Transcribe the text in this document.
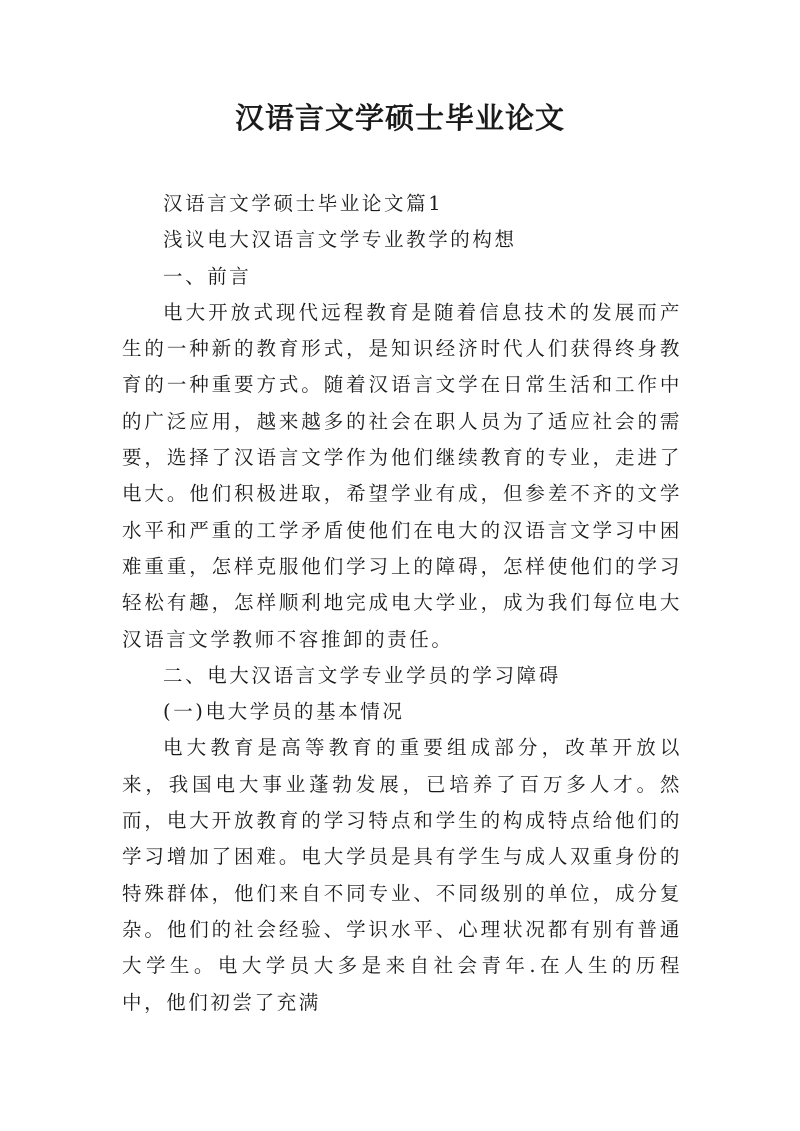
汉语言文学硕士毕业论文

汉语言文学硕士毕业论文篇1

浅议电大汉语言文学专业教学的构想

一、前言

电大开放式现代远程教育是随着信息技术的发展而产生的一种新的教育形式，是知识经济时代人们获得终身教育的一种重要方式。随着汉语言文学在日常生活和工作中的广泛应用，越来越多的社会在职人员为了适应社会的需要，选择了汉语言文学作为他们继续教育的专业，走进了电大。他们积极进取，希望学业有成，但参差不齐的文学水平和严重的工学矛盾使他们在电大的汉语言文学习中困难重重，怎样克服他们学习上的障碍，怎样使他们的学习轻松有趣，怎样顺利地完成电大学业，成为我们每位电大汉语言文学教师不容推卸的责任。

二、电大汉语言文学专业学员的学习障碍

(一)电大学员的基本情况

电大教育是高等教育的重要组成部分，改革开放以来，我国电大事业蓬勃发展，已培养了百万多人才。然而，电大开放教育的学习特点和学生的构成特点给他们的学习增加了困难。电大学员是具有学生与成人双重身份的特殊群体，他们来自不同专业、不同级别的单位，成分复杂。他们的社会经验、学识水平、心理状况都有别有普通大学生。电大学员大多是来自社会青年.在人生的历程中，他们初尝了充满
